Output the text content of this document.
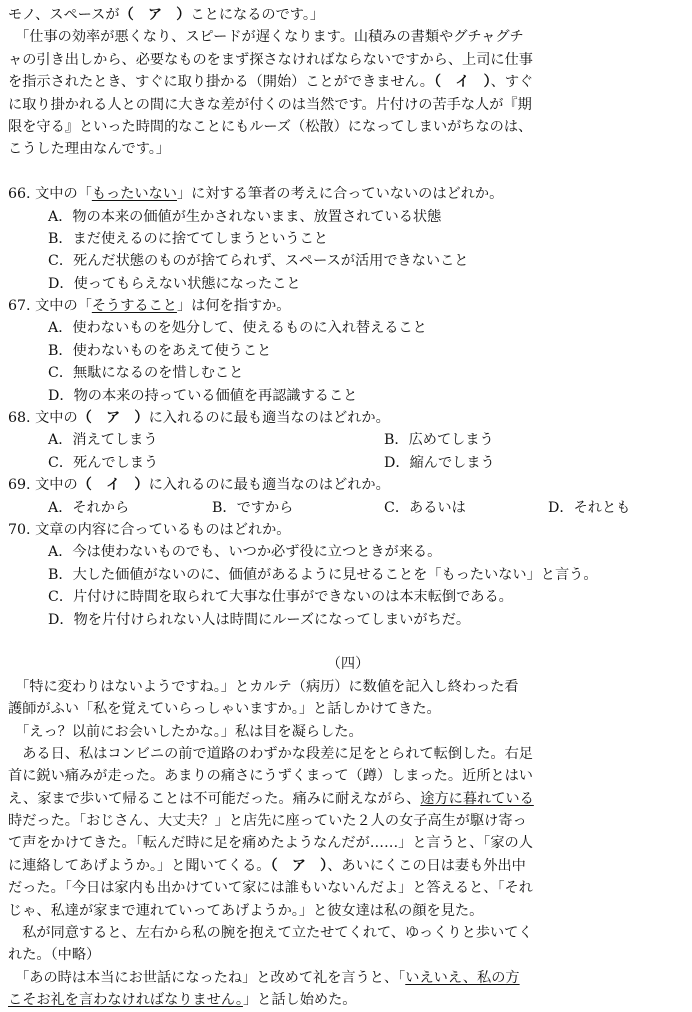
モノ、スペースが（　ア　）ことになるのです。」
　「仕事の効率が悪くなり、スピードが遅くなります。山積みの書類やグチャグチ
ャの引き出しから、必要なものをまず探さなければならないですから、上司に仕事
を指示されたとき、すぐに取り掛かる（開始）ことができません。（　イ　）、すぐ
に取り掛かれる人との間に大きな差が付くのは当然です。片付けの苦手な人が『期
限を守る』といった時間的なことにもルーズ（松散）になってしまいがちなのは、
こうした理由なんです。」
66. 文中の「もったいない」に対する筆者の考えに合っていないのはどれか。
A．物の本来の価値が生かされないまま、放置されている状態
B．まだ使えるのに捨ててしまうということ
C．死んだ状態のものが捨てられず、スペースが活用できないこと
D．使ってもらえない状態になったこと
67. 文中の「そうすること」は何を指すか。
A．使わないものを処分して、使えるものに入れ替えること
B．使わないものをあえて使うこと
C．無駄になるのを惜しむこと
D．物の本来の持っている価値を再認識すること
68. 文中の（　ア　）に入れるのに最も適当なのはどれか。
A．消えてしまう	B．広めてしまう
C．死んでしまう	D．縮んでしまう
69. 文中の（　イ　）に入れるのに最も適当なのはどれか。
A．それから	B．ですから	C．あるいは	D．それとも
70. 文章の内容に合っているものはどれか。
A．今は使わないものでも、いつか必ず役に立つときが来る。
B．大した価値がないのに、価値があるように見せることを「もったいない」と言う。
C．片付けに時間を取られて大事な仕事ができないのは本末転倒である。
D．物を片付けられない人は時間にルーズになってしまいがちだ。
（四）
　「特に変わりはないようですね。」とカルテ（病历）に数値を記入し終わった看
護師がふい「私を覚えていらっしゃいますか。」と話しかけてきた。
　「えっ？以前にお会いしたかな。」私は目を凝らした。
　ある日、私はコンビニの前で道路のわずかな段差に足をとられて転倒した。右足
首に鋭い痛みが走った。あまりの痛さにうずくまって（蹲）しまった。近所とはい
え、家まで歩いて帰ることは不可能だった。痛みに耐えながら、途方に暮れている
時だった。「おじさん、大丈夫？」と店先に座っていた２人の女子高生が駆け寄っ
て声をかけてきた。「転んだ時に足を痛めたようなんだが……」と言うと、「家の人
に連絡してあげようか。」と聞いてくる。（　ア　）、あいにくこの日は妻も外出中
だった。「今日は家内も出かけていて家には誰もいないんだよ」と答えると、「それ
じゃ、私達が家まで連れていってあげようか。」と彼女達は私の顔を見た。
　私が同意すると、左右から私の腕を抱えて立たせてくれて、ゆっくりと歩いてく
れた。（中略）
　「あの時は本当にお世話になったね」と改めて礼を言うと、「いえいえ、私の方
こそお礼を言わなければなりません。」と話し始めた。
